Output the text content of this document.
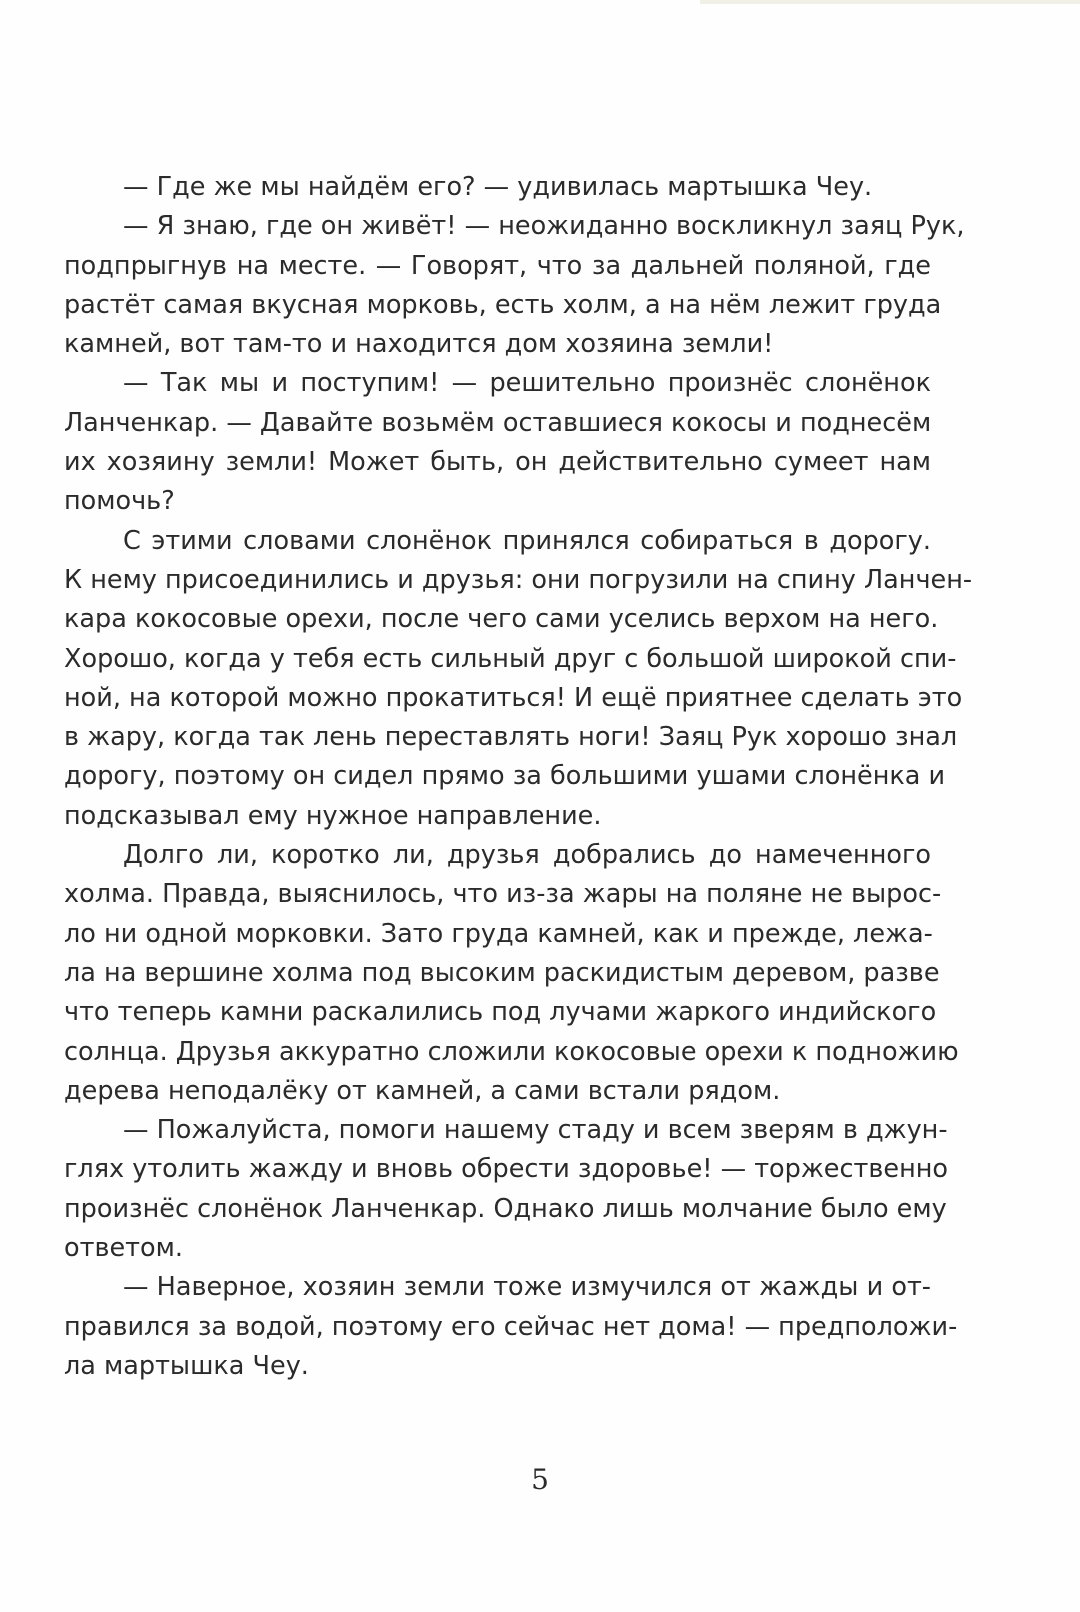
— Где же мы найдём его? — удивилась мартышка Чеу.

— Я знаю, где он живёт! — неожиданно воскликнул заяц Рук,
подпрыгнув на месте. — Говорят, что за дальней поляной, где
растёт самая вкусная морковь, есть холм, а на нём лежит груда
камней, вот там-то и находится дом хозяина земли!

— Так мы и поступим! — решительно произнёс слонёнок
Ланченкар. — Давайте возьмём оставшиеся кокосы и поднесём
их хозяину земли! Может быть, он действительно сумеет нам
помочь?

С этими словами слонёнок принялся собираться в дорогу.
К нему присоединились и друзья: они погрузили на спину Ланчен-
кара кокосовые орехи, после чего сами уселись верхом на него.
Хорошо, когда у тебя есть сильный друг с большой широкой спи-
ной, на которой можно прокатиться! И ещё приятнее сделать это
в жару, когда так лень переставлять ноги! Заяц Рук хорошо знал
дорогу, поэтому он сидел прямо за большими ушами слонёнка и
подсказывал ему нужное направление.

Долго ли, коротко ли, друзья добрались до намеченного
холма. Правда, выяснилось, что из-за жары на поляне не вырос-
ло ни одной морковки. Зато груда камней, как и прежде, лежа-
ла на вершине холма под высоким раскидистым деревом, разве
что теперь камни раскалились под лучами жаркого индийского
солнца. Друзья аккуратно сложили кокосовые орехи к подножию
дерева неподалёку от камней, а сами встали рядом.

— Пожалуйста, помоги нашему стаду и всем зверям в джун-
глях утолить жажду и вновь обрести здоровье! — торжественно
произнёс слонёнок Ланченкар. Однако лишь молчание было ему
ответом.

— Наверное, хозяин земли тоже измучился от жажды и от-
правился за водой, поэтому его сейчас нет дома! — предположи-
ла мартышка Чеу.

5
